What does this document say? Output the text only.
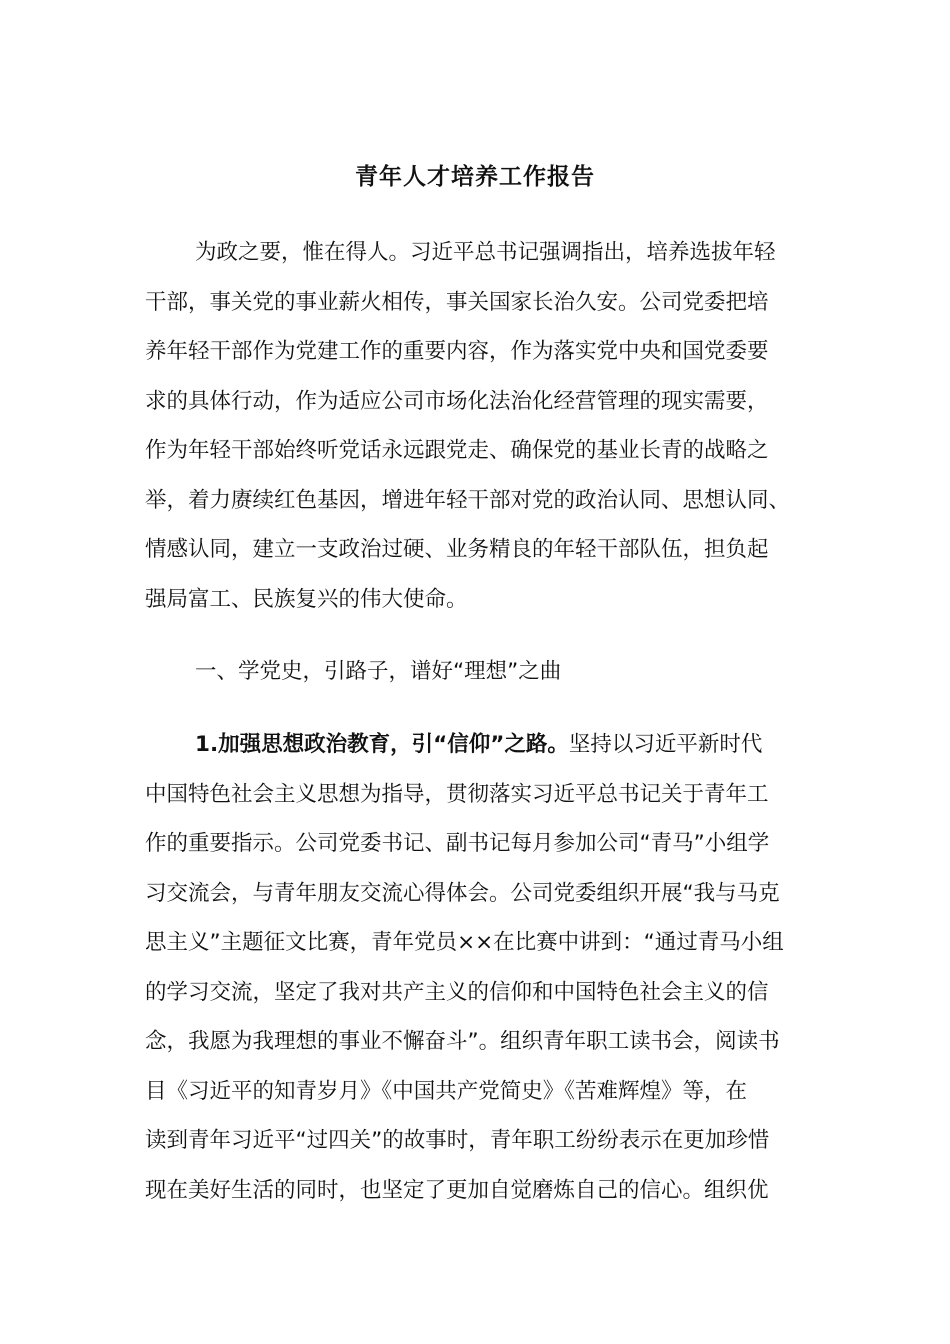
青年人才培养工作报告
为政之要，惟在得人。习近平总书记强调指出，培养选拔年轻
干部，事关党的事业薪火相传，事关国家长治久安。公司党委把培
养年轻干部作为党建工作的重要内容，作为落实党中央和国党委要
求的具体行动，作为适应公司市场化法治化经营管理的现实需要，
作为年轻干部始终听党话永远跟党走、确保党的基业长青的战略之
举，着力赓续红色基因，增进年轻干部对党的政治认同、思想认同、
情感认同，建立一支政治过硬、业务精良的年轻干部队伍，担负起
强局富工、民族复兴的伟大使命。
一、学党史，引路子，谱好“理想”之曲
1.加强思想政治教育，引“信仰”之路。坚持以习近平新时代
中国特色社会主义思想为指导，贯彻落实习近平总书记关于青年工
作的重要指示。公司党委书记、副书记每月参加公司“青马”小组学
习交流会，与青年朋友交流心得体会。公司党委组织开展“我与马克
思主义”主题征文比赛，青年党员××在比赛中讲到：“通过青马小组
的学习交流，坚定了我对共产主义的信仰和中国特色社会主义的信
念，我愿为我理想的事业不懈奋斗”。组织青年职工读书会，阅读书
目《习近平的知青岁月》《中国共产党简史》《苦难辉煌》等，在
读到青年习近平“过四关”的故事时，青年职工纷纷表示在更加珍惜
现在美好生活的同时，也坚定了更加自觉磨炼自己的信心。组织优
